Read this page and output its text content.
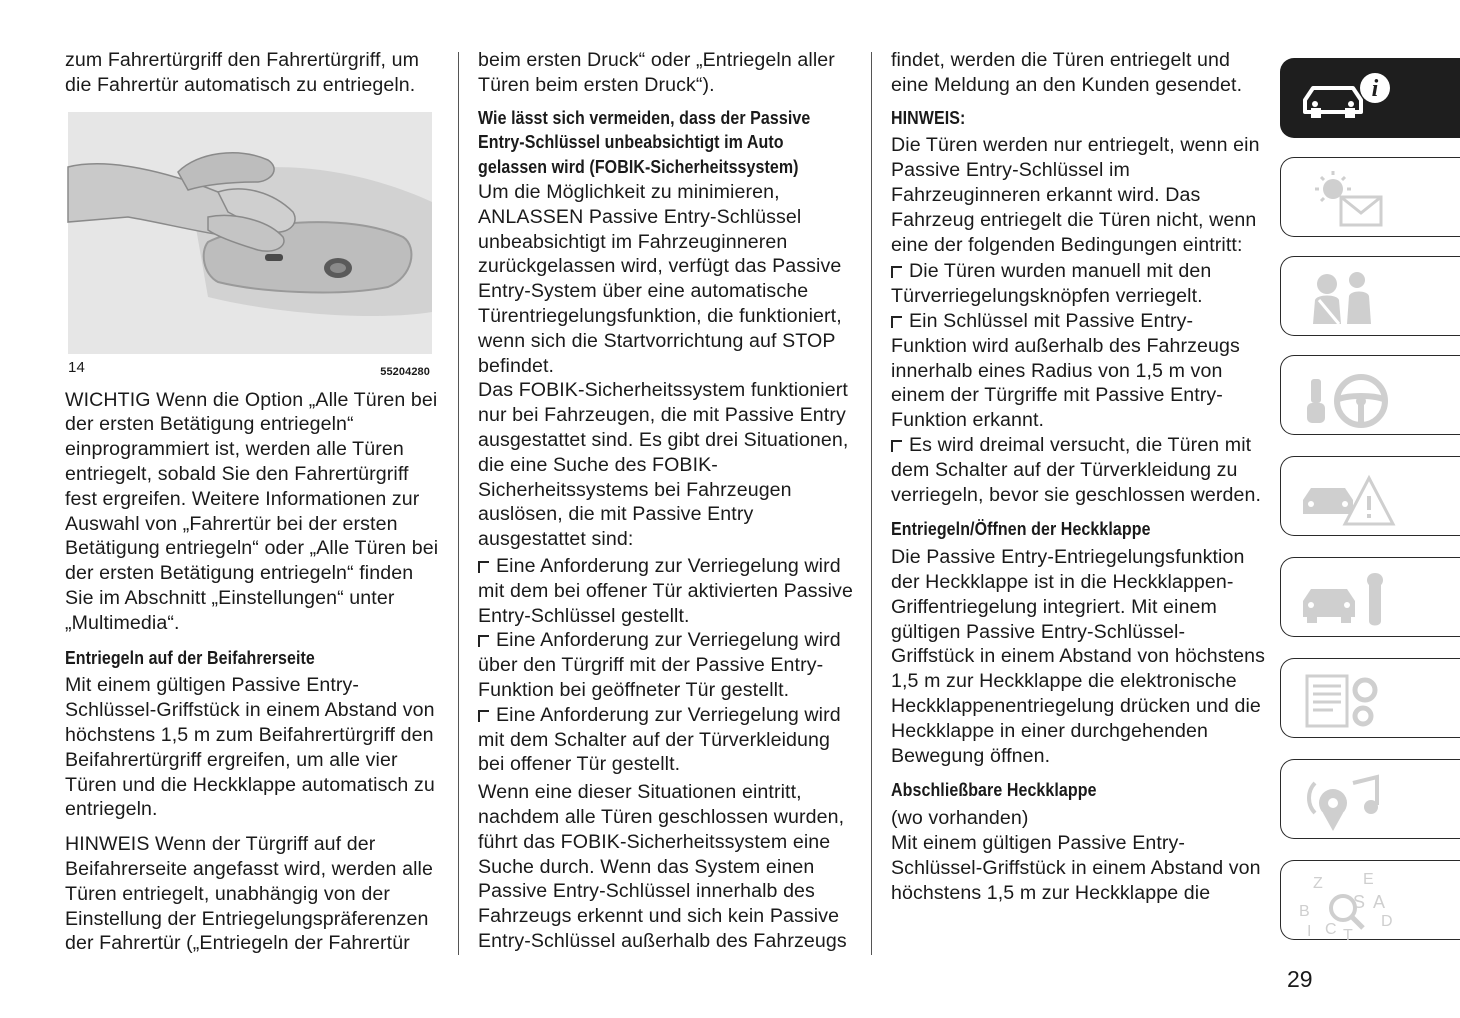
zum Fahrertürgriff den Fahrertürgriff, um die Fahrertür automatisch zu entriegeln.

14	55204280

WICHTIG Wenn die Option „Alle Türen bei der ersten Betätigung entriegeln“ einprogrammiert ist, werden alle Türen entriegelt, sobald Sie den Fahrertürgriff fest ergreifen. Weitere Informationen zur Auswahl von „Fahrertür bei der ersten Betätigung entriegeln“ oder „Alle Türen bei der ersten Betätigung entriegeln“ finden Sie im Abschnitt „Einstellungen“ unter „Multimedia“.

Entriegeln auf der Beifahrerseite

Mit einem gültigen Passive Entry-Schlüssel-Griffstück in einem Abstand von höchstens 1,5 m zum Beifahrertürgriff den Beifahrertürgriff ergreifen, um alle vier Türen und die Heckklappe automatisch zu entriegeln.

HINWEIS Wenn der Türgriff auf der Beifahrerseite angefasst wird, werden alle Türen entriegelt, unabhängig von der Einstellung der Entriegelungspräferenzen der Fahrertür („Entriegeln der Fahrertür

beim ersten Druck“ oder „Entriegeln aller Türen beim ersten Druck“).

Wie lässt sich vermeiden, dass der Passive Entry-Schlüssel unbeabsichtigt im Auto gelassen wird (FOBIK-Sicherheitssystem)

Um die Möglichkeit zu minimieren, ANLASSEN Passive Entry-Schlüssel unbeabsichtigt im Fahrzeuginneren zurückgelassen wird, verfügt das Passive Entry-System über eine automatische Türentriegelungsfunktion, die funktioniert, wenn sich die Startvorrichtung auf STOP befindet.

Das FOBIK-Sicherheitssystem funktioniert nur bei Fahrzeugen, die mit Passive Entry ausgestattet sind. Es gibt drei Situationen, die eine Suche des FOBIK-Sicherheitssystems bei Fahrzeugen auslösen, die mit Passive Entry ausgestattet sind:

Eine Anforderung zur Verriegelung wird mit dem bei offener Tür aktivierten Passive Entry-Schlüssel gestellt.

Eine Anforderung zur Verriegelung wird über den Türgriff mit der Passive Entry-Funktion bei geöffneter Tür gestellt.

Eine Anforderung zur Verriegelung wird mit dem Schalter auf der Türverkleidung bei offener Tür gestellt.

Wenn eine dieser Situationen eintritt, nachdem alle Türen geschlossen wurden, führt das FOBIK-Sicherheitssystem eine Suche durch. Wenn das System einen Passive Entry-Schlüssel innerhalb des Fahrzeugs erkennt und sich kein Passive Entry-Schlüssel außerhalb des Fahrzeugs

findet, werden die Türen entriegelt und eine Meldung an den Kunden gesendet.

HINWEIS:

Die Türen werden nur entriegelt, wenn ein Passive Entry-Schlüssel im Fahrzeuginneren erkannt wird. Das Fahrzeug entriegelt die Türen nicht, wenn eine der folgenden Bedingungen eintritt:

Die Türen wurden manuell mit den Türverriegelungsknöpfen verriegelt.

Ein Schlüssel mit Passive Entry-Funktion wird außerhalb des Fahrzeugs innerhalb eines Radius von 1,5 m von einem der Türgriffe mit Passive Entry-Funktion erkannt.

Es wird dreimal versucht, die Türen mit dem Schalter auf der Türverkleidung zu verriegeln, bevor sie geschlossen werden.

Entriegeln/Öffnen der Heckklappe

Die Passive Entry-Entriegelungsfunktion der Heckklappe ist in die Heckklappen-Griffentriegelung integriert. Mit einem gültigen Passive Entry-Schlüssel-Griffstück in einem Abstand von höchstens 1,5 m zur Heckklappe die elektronische Heckklappenentriegelung drücken und die Heckklappe in einer durchgehenden Bewegung öffnen.

Abschließbare Heckklappe

(wo vorhanden)

Mit einem gültigen Passive Entry-Schlüssel-Griffstück in einem Abstand von höchstens 1,5 m zur Heckklappe die

i
Z	E
S A
B
D
I C T
29
